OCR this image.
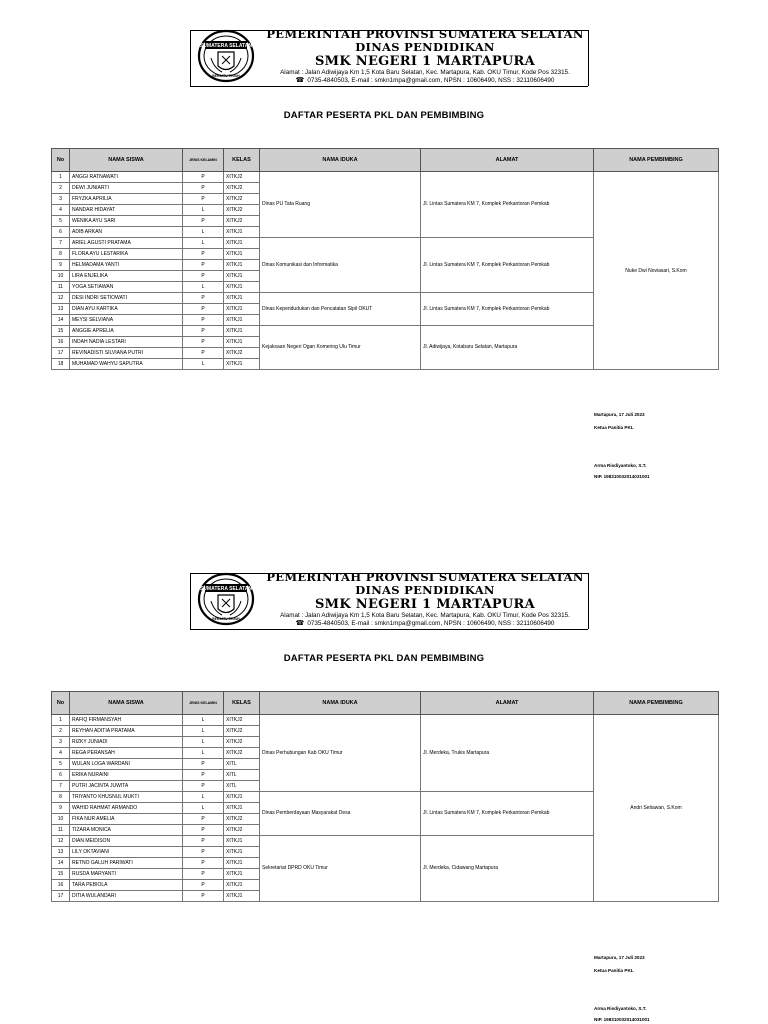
SUMATERA SELATAN
BERSATU TEGUH
PEMERINTAH PROVINSI SUMATERA SELATAN
DINAS PENDIDIKAN
SMK NEGERI 1 MARTAPURA
Alamat : Jalan Adiwijaya Km 1,5 Kota Baru Selatan, Kec. Martapura, Kab. OKU Timur, Kode Pos 32315.
☎ 0735-4840503, E-mail : smkn1mpa@gmail.com, NPSN : 10606490, NSS : 32110606490
DAFTAR PESERTA PKL DAN PEMBIMBING
No	NAMA SISWA	JENIS KELAMIN	KELAS	NAMA IDUKA	ALAMAT	NAMA PEMBIMBING
1	ANGGI RATNAWATI	P	XITKJ2	Dinas PU Tata Ruang	Jl. Lintas Sumatera KM 7, Komplek Perkantoran Pemkab	Nuke Dwi Noviasari, S.Kom
2	DEWI JUNIARTI	P	XITKJ2			
3	FRYZKA APRILIA	P	XITKJ2			
4	NANDAR HIDAYAT	L	XITKJ2			
5	WENIKA AYU SARI	P	XITKJ2			
6	ADIB ARKAN	L	XITKJ1			
7	ARIEL AGUSTI PRATAMA	L	XITKJ1	Dinas Komunikasi dan Informatika	Jl. Lintas Sumatera KM 7, Komplek Perkantoran Pemkab	
8	FLORA AYU LESTARIKA	P	XITKJ1			
9	HELMADAMA YANTI	P	XITKJ1			
10	LIRA ENJELIKA	P	XITKJ1			
11	YOGA SETIAWAN	L	XITKJ1			
12	DESI INDRI SETIOWATI	P	XITKJ1	Dinas Kependudukan dan Pencatatan Sipil OKUT	Jl. Lintas Sumatera KM 7, Komplek Perkantoran Pemkab	
13	DIAN AYU KARTIKA	P	XITKJ1			
14	MEYSI SELVIANA	P	XITKJ1			
15	ANGGIE APRELIA	P	XITKJ1	Kejaksaan Negeri Ogan Komering Ulu Timur	Jl. Adiwijaya, Kotabaru Selatan, Martapura	
16	INDAH NADIA LESTARI	P	XITKJ1			
17	REVINADISTI SILVIANA PUTRI	P	XITKJ2			
18	MUHAMAD WAHYU SAPUTRA	L	XITKJ1			
Martapura, 17 Juli 2023
Ketua Panitia PKL
Arma Risdiyantoko, S.T.
NIP. 198310032014031001
SUMATERA SELATAN
BERSATU TEGUH
PEMERINTAH PROVINSI SUMATERA SELATAN
DINAS PENDIDIKAN
SMK NEGERI 1 MARTAPURA
Alamat : Jalan Adiwijaya Km 1,5 Kota Baru Selatan, Kec. Martapura, Kab. OKU Timur, Kode Pos 32315.
☎ 0735-4840503, E-mail : smkn1mpa@gmail.com, NPSN : 10606490, NSS : 32110606490
DAFTAR PESERTA PKL DAN PEMBIMBING
No	NAMA SISWA	JENIS KELAMIN	KELAS	NAMA IDUKA	ALAMAT	NAMA PEMBIMBING
1	RAFIQ FIRMANSYAH	L	XITKJ2	Dinas Perhubungan Kab OKU Timur	Jl. Merdeka, Trukis Martapura	Andri Setiawan, S.Kom
2	REYHAN ADITIA PRATAMA	L	XITKJ2			
3	RIZKY JUNIADI	L	XITKJ2			
4	REGA PERANSAH	L	XITKJ2			
5	WULAN LOGA WARDANI	P	XITL			
6	ERIKA NURAINI	P	XITL			
7	PUTRI JACINTA JUWITA	P	XITL			
8	TRIYANTO KHUSNUL MUKTI	L	XITKJ1	Dinas Pemberdayaan Masyarakat Desa	Jl. Lintas Sumatera KM 7, Komplek Perkantoran Pemkab	
9	WAHID RAHMAT ARMANDO	L	XITKJ1			
10	FIKA NUR AMELIA	P	XITKJ2			
11	TIZARA MONICA	P	XITKJ2			
12	DIAN MEIDISON	P	XITKJ1	Sekretariat DPRD OKU Timur	Jl. Merdeka, Cidawang Martapura	
13	LILY OKTAVIANI	P	XITKJ1			
14	RETNO GALUH PARIWATI	P	XITKJ1			
15	RUSDA MARYANTI	P	XITKJ1			
16	TARA PEBIOLA	P	XITKJ1			
17	DITIA WULANDARI	P	XITKJ1			
Martapura, 17 Juli 2023
Ketua Panitia PKL
Arma Risdiyantoko, S.T.
NIP. 198310032014031001
